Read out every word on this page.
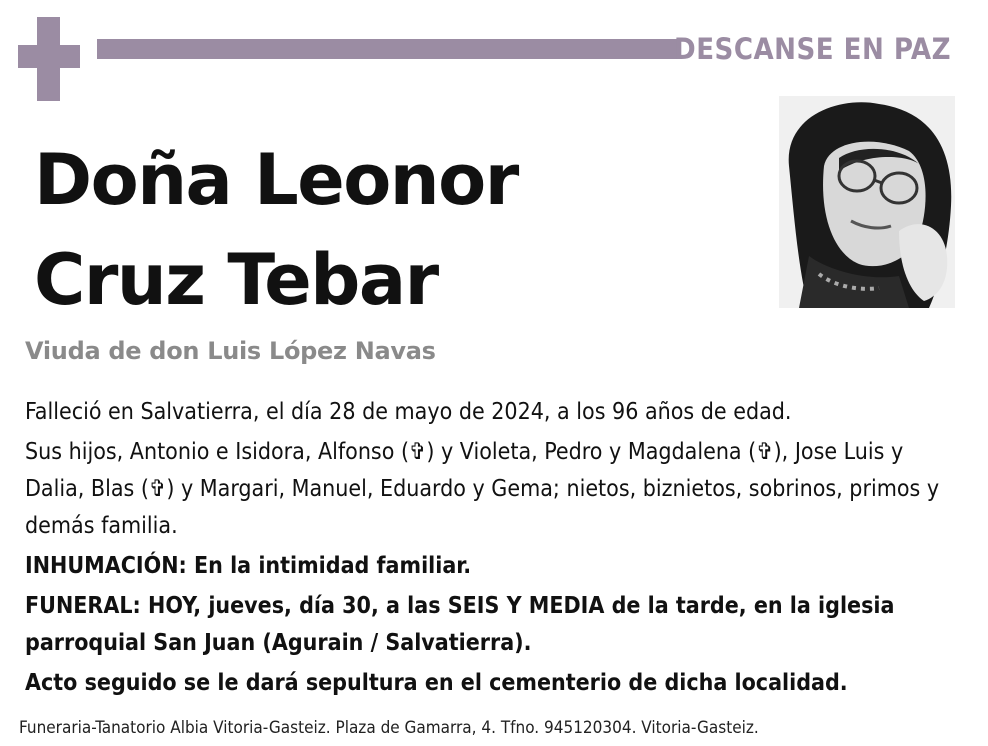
DESCANSE EN PAZ
Doña Leonor
Cruz Tebar
Viuda de don Luis López Navas

Falleció en Salvatierra, el día 28 de mayo de 2024, a los 96 años de edad.

Sus hijos, Antonio e Isidora, Alfonso (✞) y Violeta, Pedro y Magdalena (✞), Jose Luis y Dalia, Blas (✞) y Margari, Manuel, Eduardo y Gema; nietos, biznietos, sobrinos, primos y demás familia.

INHUMACIÓN: En la intimidad familiar.

FUNERAL: HOY, jueves, día 30, a las SEIS Y MEDIA de la tarde, en la iglesia parroquial San Juan (Agurain / Salvatierra).

Acto seguido se le dará sepultura en el cementerio de dicha localidad.

Funeraria-Tanatorio Albia Vitoria-Gasteiz. Plaza de Gamarra, 4. Tfno. 945120304. Vitoria-Gasteiz.
